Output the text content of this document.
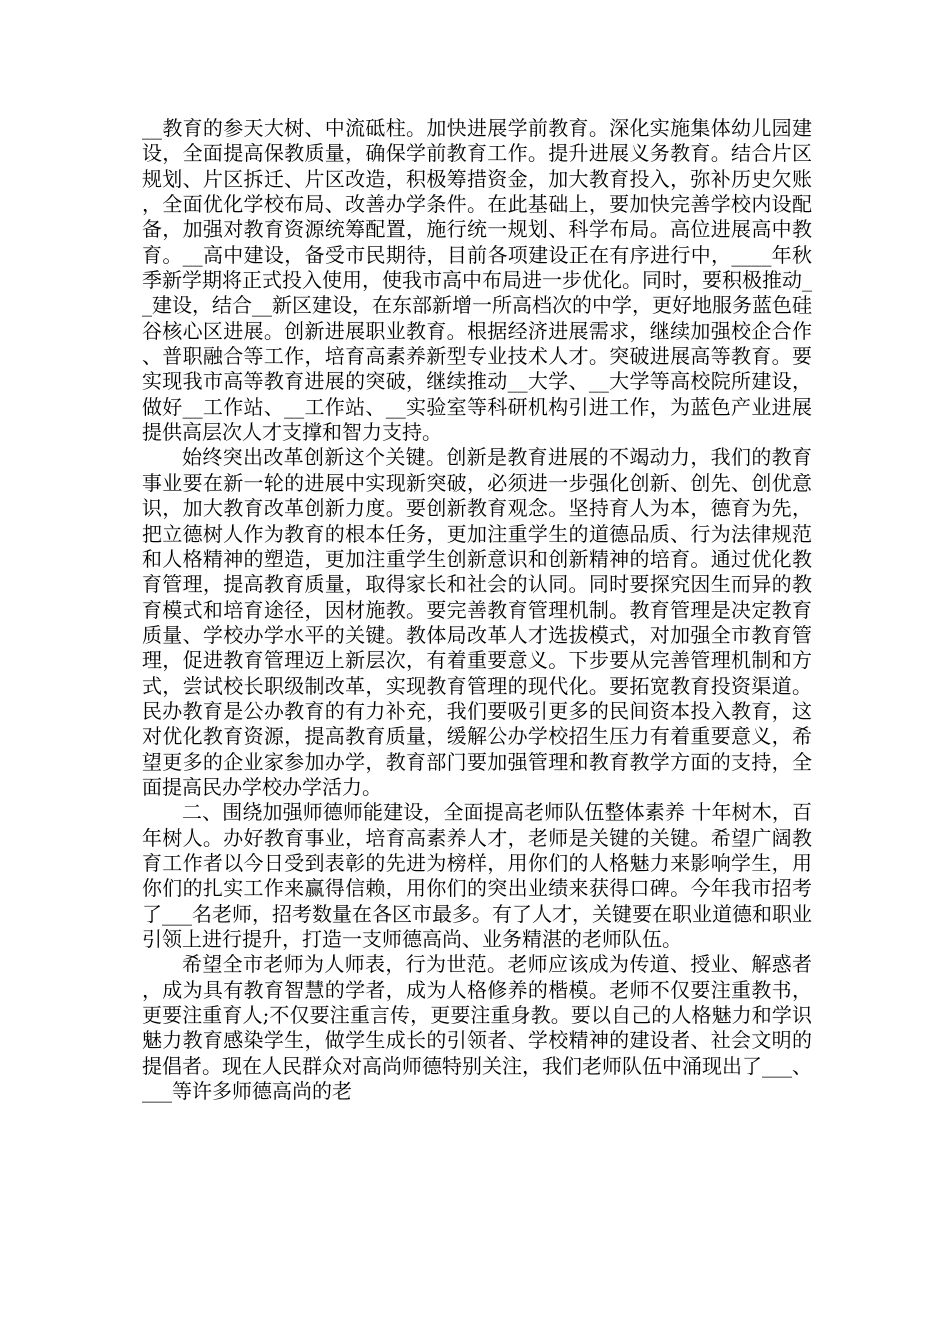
__教育的参天大树、中流砥柱。加快进展学前教育。深化实施集体幼儿园建设，全面提高保教质量，确保学前教育工作。提升进展义务教育。结合片区规划、片区拆迁、片区改造，积极筹措资金，加大教育投入，弥补历史欠账，全面优化学校布局、改善办学条件。在此基础上，要加快完善学校内设配备，加强对教育资源统筹配置，施行统一规划、科学布局。高位进展高中教育。__高中建设，备受市民期待，目前各项建设正在有序进行中，____年秋季新学期将正式投入使用，使我市高中布局进一步优化。同时，要积极推动__建设，结合__新区建设，在东部新增一所高档次的中学，更好地服务蓝色硅谷核心区进展。创新进展职业教育。根据经济进展需求，继续加强校企合作、普职融合等工作，培育高素养新型专业技术人才。突破进展高等教育。要实现我市高等教育进展的突破，继续推动__大学、__大学等高校院所建设，做好__工作站、__工作站、__实验室等科研机构引进工作，为蓝色产业进展提供高层次人才支撑和智力支持。

始终突出改革创新这个关键。创新是教育进展的不竭动力，我们的教育事业要在新一轮的进展中实现新突破，必须进一步强化创新、创先、创优意识，加大教育改革创新力度。要创新教育观念。坚持育人为本，德育为先，把立德树人作为教育的根本任务，更加注重学生的道德品质、行为法律规范和人格精神的塑造，更加注重学生创新意识和创新精神的培育。通过优化教育管理，提高教育质量，取得家长和社会的认同。同时要探究因生而异的教育模式和培育途径，因材施教。要完善教育管理机制。教育管理是决定教育质量、学校办学水平的关键。教体局改革人才选拔模式，对加强全市教育管理，促进教育管理迈上新层次，有着重要意义。下步要从完善管理机制和方式，尝试校长职级制改革，实现教育管理的现代化。要拓宽教育投资渠道。民办教育是公办教育的有力补充，我们要吸引更多的民间资本投入教育，这对优化教育资源，提高教育质量，缓解公办学校招生压力有着重要意义，希望更多的企业家参加办学，教育部门要加强管理和教育教学方面的支持，全面提高民办学校办学活力。

二、围绕加强师德师能建设，全面提高老师队伍整体素养 十年树木，百年树人。办好教育事业，培育高素养人才，老师是关键的关键。希望广阔教育工作者以今日受到表彰的先进为榜样，用你们的人格魅力来影响学生，用你们的扎实工作来赢得信赖，用你们的突出业绩来获得口碑。今年我市招考了___名老师，招考数量在各区市最多。有了人才，关键要在职业道德和职业引领上进行提升，打造一支师德高尚、业务精湛的老师队伍。

希望全市老师为人师表，行为世范。老师应该成为传道、授业、解惑者，成为具有教育智慧的学者，成为人格修养的楷模。老师不仅要注重教书，更要注重育人;不仅要注重言传，更要注重身教。要以自己的人格魅力和学识魅力教育感染学生，做学生成长的引领者、学校精神的建设者、社会文明的提倡者。现在人民群众对高尚师德特别关注，我们老师队伍中涌现出了___、___等许多师德高尚的老
